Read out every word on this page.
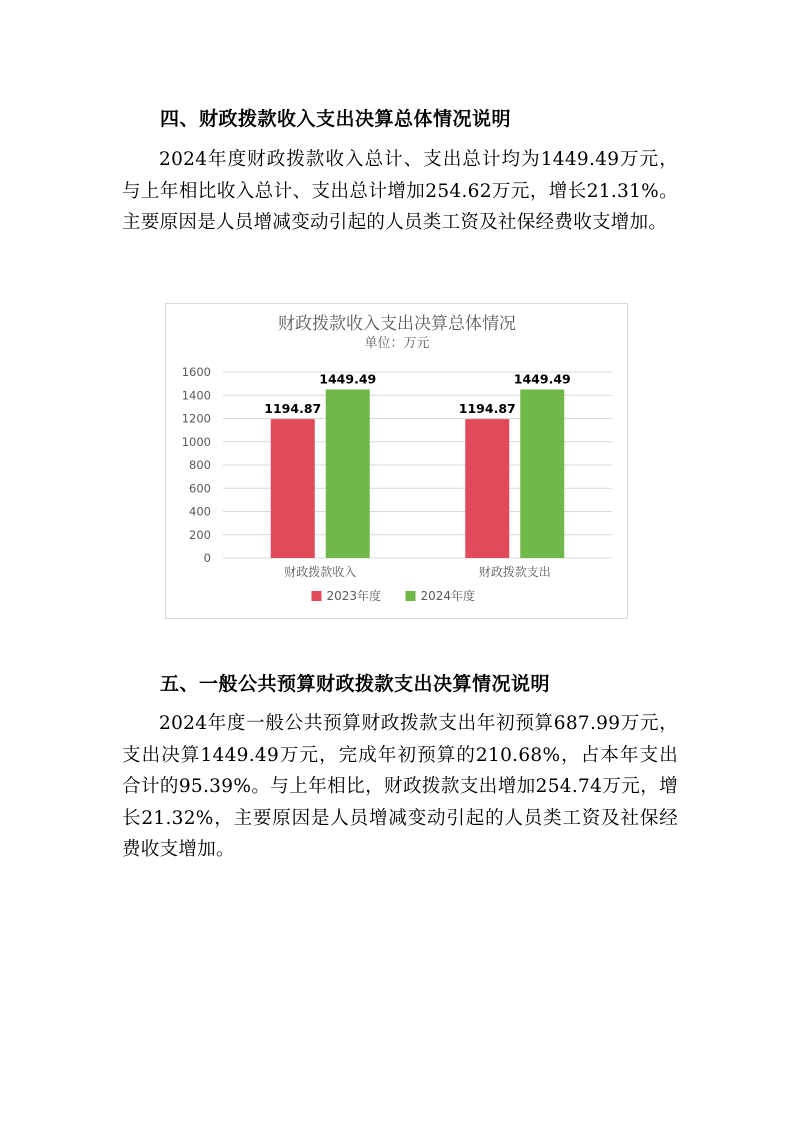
四、财政拨款收入支出决算总体情况说明
2024年度财政拨款收入总计、支出总计均为1449.49万元，与上年相比收入总计、支出总计增加254.62万元，增长21.31%。主要原因是人员增减变动引起的人员类工资及社保经费收支增加。
财政拨款收入支出决算总体情况
单位：万元
0
200
400
600
800
1000
1200
1400
1600
1194.87
1449.49
财政拨款收入
1194.87
1449.49
财政拨款支出
2023年度	2024年度
五、一般公共预算财政拨款支出决算情况说明
2024年度一般公共预算财政拨款支出年初预算687.99万元，支出决算1449.49万元，完成年初预算的210.68%，占本年支出合计的95.39%。与上年相比，财政拨款支出增加254.74万元，增长21.32%，主要原因是人员增减变动引起的人员类工资及社保经费收支增加。
